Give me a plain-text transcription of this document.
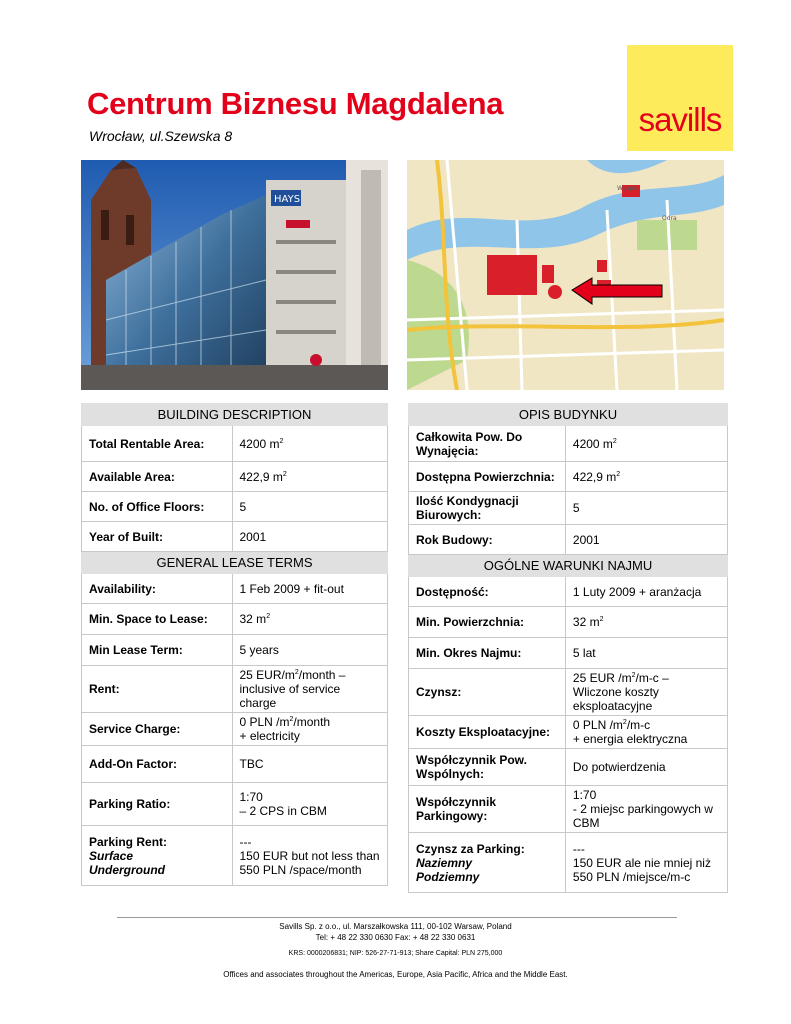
Centrum Biznesu Magdalena
Wrocław, ul.Szewska 8	savills
HAYS
Wyspa
Odra
BUILDING DESCRIPTION	
Total Rentable Area:	4200 $m^2$
Available Area:	422,9 $m^2$
No. of Office Floors:	5
Year of Built:	2001
GENERAL LEASE TERMS	
Availability:	1 Feb 2009 + fit-out
Min. Space to Lease:	32 $m^2$
Min Lease Term:	5 years
Rent:	25 EUR/$m^2$/month –
inclusive of service charge
Service Charge:	0 PLN $/m^2$/month
+ electricity
Add-On Factor:	TBC
Parking Ratio:	1:70
– 2 CPS in CBM
Parking Rent:
Surface
Underground	---
150 EUR but not less than
550 PLN /space/month
OPIS BUDYNKU	
Całkowita Pow. Do Wynajęcia:	4200 $m^2$
Dostępna Powierzchnia:	422,9 $m^2$
Ilość Kondygnacji Biurowych:	5
Rok Budowy:	2001
OGÓLNE WARUNKI NAJMU	
Dostępność:	1 Luty 2009 + aranżacja
Min. Powierzchnia:	32 $m^2$
Min. Okres Najmu:	5 lat
Czynsz:	25 EUR $/m^2/m-c$ –
Wliczone koszty eksploatacyjne
Koszty Eksploatacyjne:	0 PLN $/m^2/m-c$
+ energia elektryczna
Współczynnik Pow. Wspólnych:	Do potwierdzenia
Współczynnik Parkingowy:	1:70
- 2 miejsc parkingowych w CBM
Czynsz za Parking:
Naziemny
Podziemny	---
150 EUR ale nie mniej niż
550 PLN /miejsce/m-c
Savills Sp. z o.o., ul. Marszałkowska 111, 00-102 Warsaw, Poland
Tel: + 48 22 330 0630 Fax: + 48 22 330 0631
KRS: 0000206831; NIP: 526-27-71-913; Share Capital: PLN 275,000
Offices and associates throughout the Americas, Europe, Asia Pacific, Africa and the Middle East.
